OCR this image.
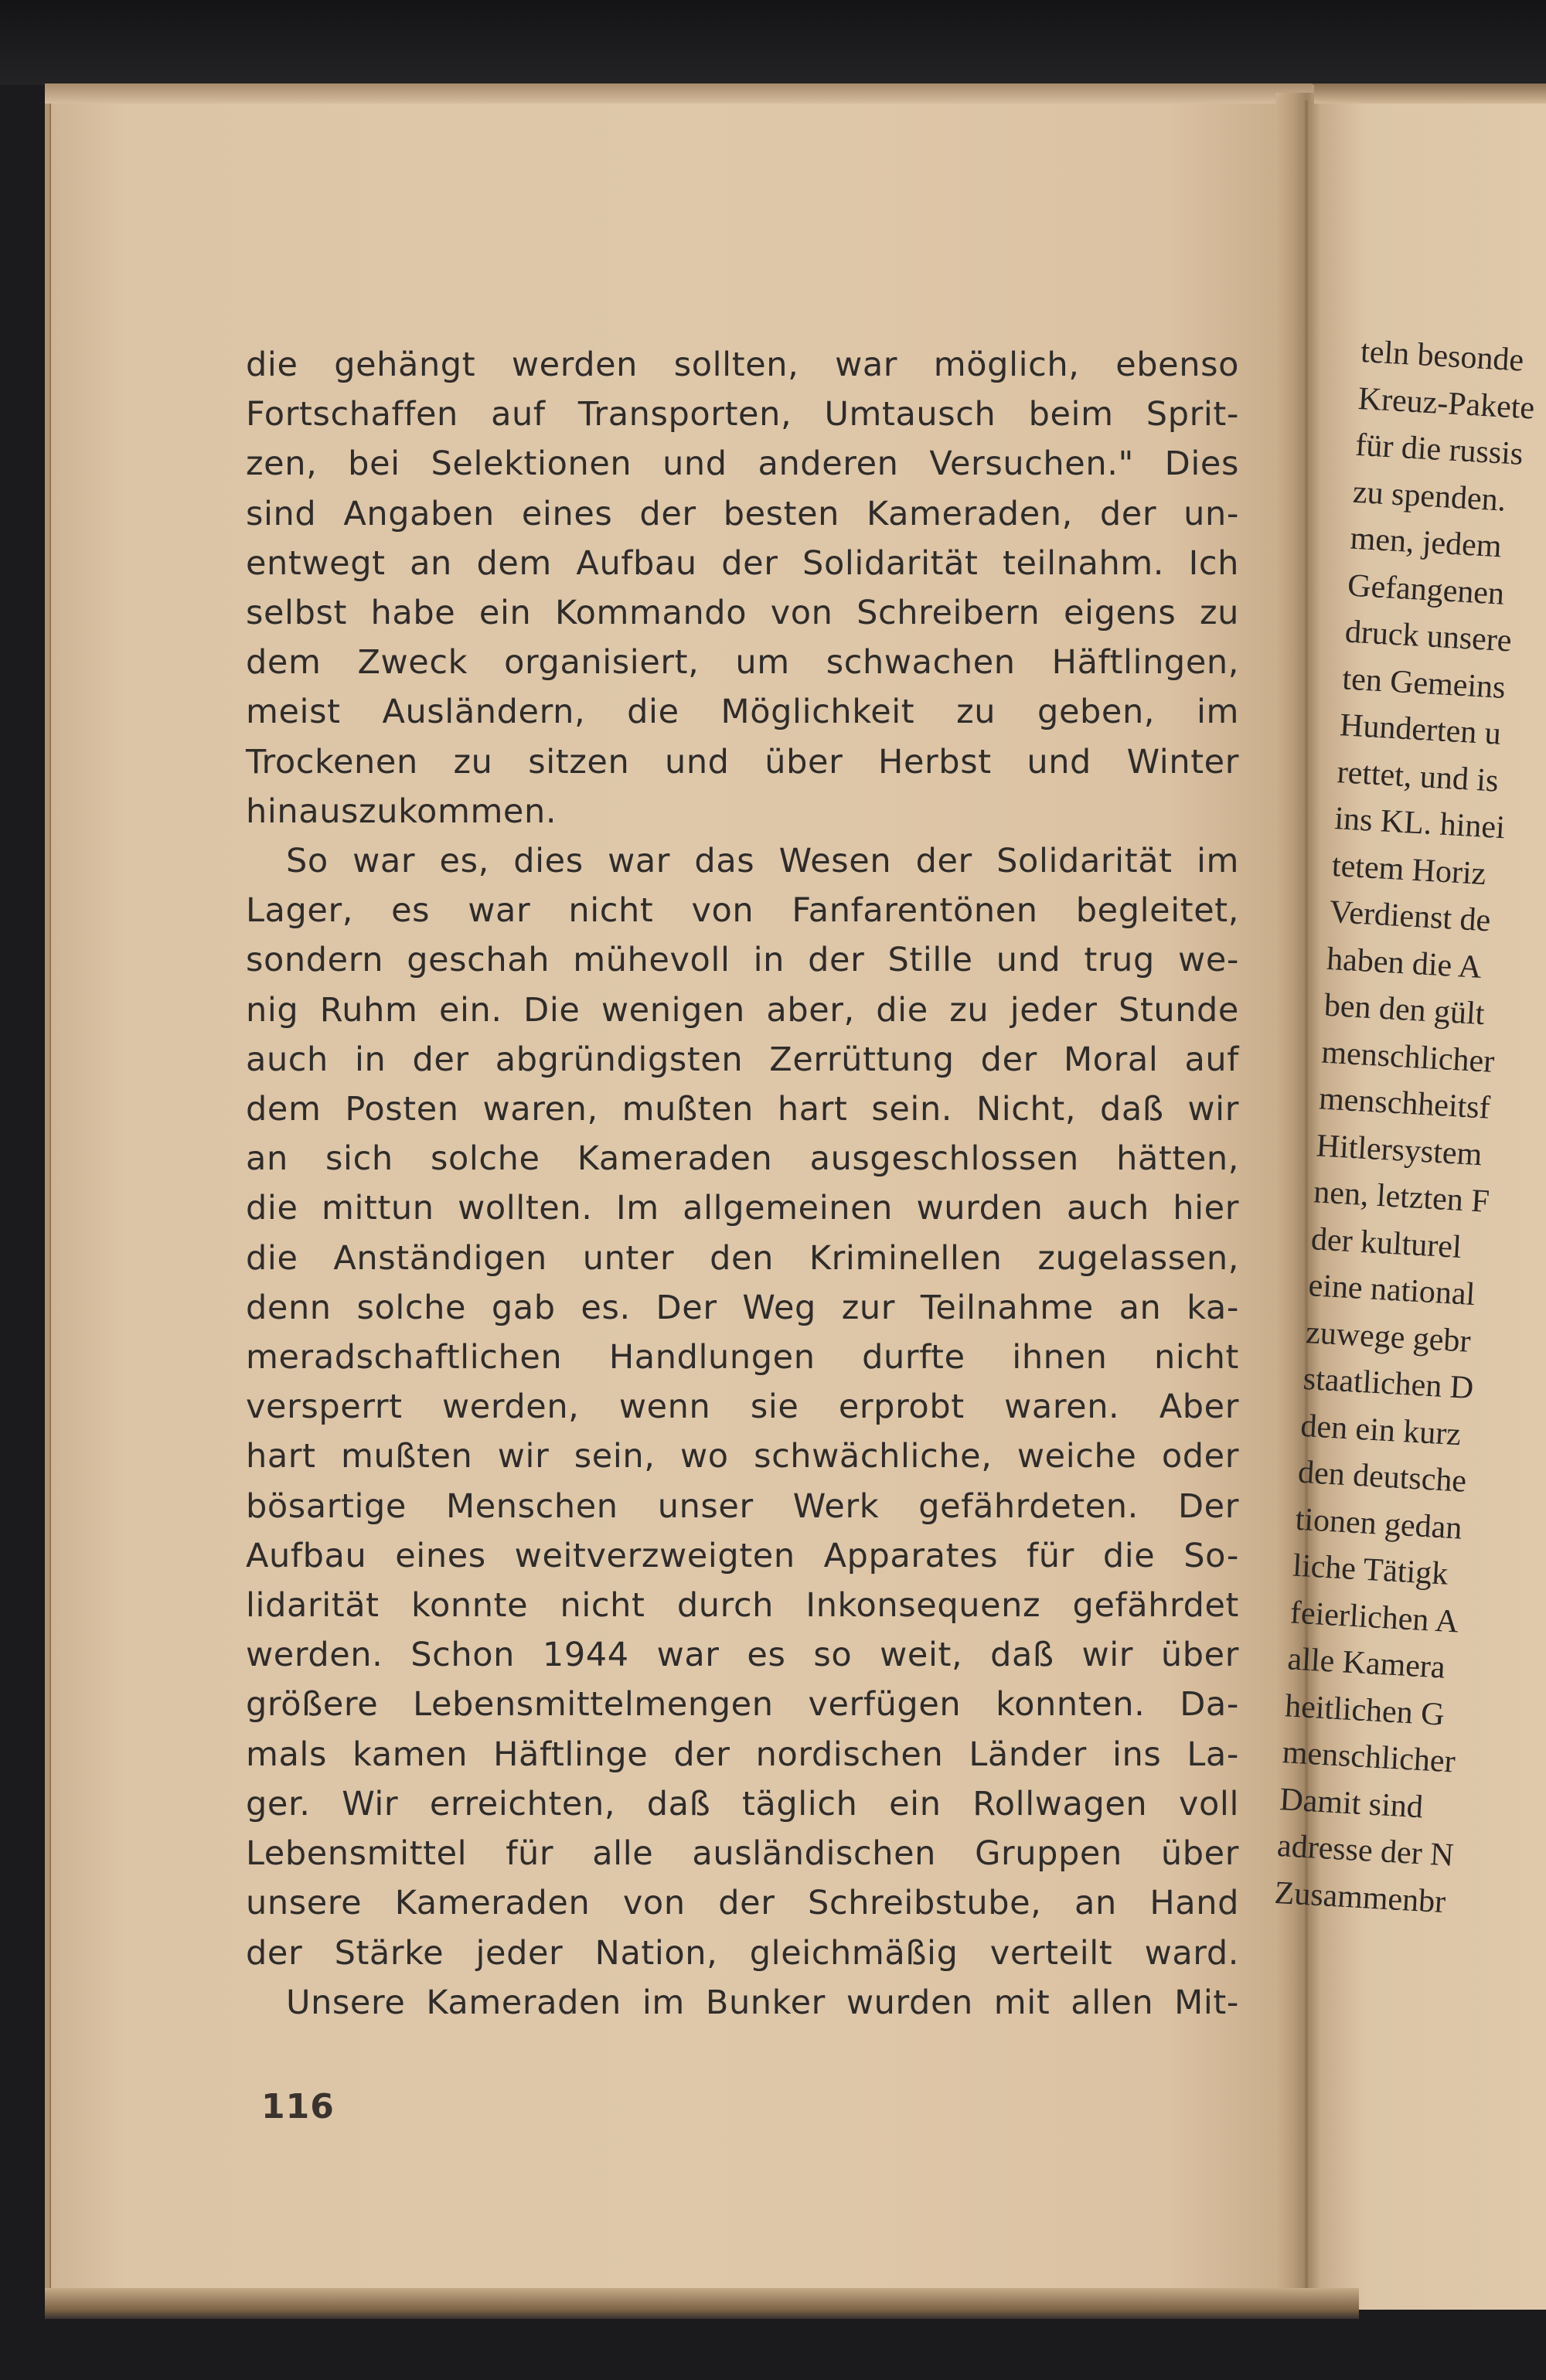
die gehängt werden sollten, war möglich, ebenso
Fortschaffen auf Transporten, Umtausch beim Sprit-
zen, bei Selektionen und anderen Versuchen." Dies
sind Angaben eines der besten Kameraden, der un-
entwegt an dem Aufbau der Solidarität teilnahm. Ich
selbst habe ein Kommando von Schreibern eigens zu
dem Zweck organisiert, um schwachen Häftlingen,
meist Ausländern, die Möglichkeit zu geben, im
Trockenen zu sitzen und über Herbst und Winter
hinauszukommen.
So war es, dies war das Wesen der Solidarität im
Lager, es war nicht von Fanfarentönen begleitet,
sondern geschah mühevoll in der Stille und trug we-
nig Ruhm ein. Die wenigen aber, die zu jeder Stunde
auch in der abgründigsten Zerrüttung der Moral auf
dem Posten waren, mußten hart sein. Nicht, daß wir
an sich solche Kameraden ausgeschlossen hätten,
die mittun wollten. Im allgemeinen wurden auch hier
die Anständigen unter den Kriminellen zugelassen,
denn solche gab es. Der Weg zur Teilnahme an ka-
meradschaftlichen Handlungen durfte ihnen nicht
versperrt werden, wenn sie erprobt waren. Aber
hart mußten wir sein, wo schwächliche, weiche oder
bösartige Menschen unser Werk gefährdeten. Der
Aufbau eines weitverzweigten Apparates für die So-
lidarität konnte nicht durch Inkonsequenz gefährdet
werden. Schon 1944 war es so weit, daß wir über
größere Lebensmittelmengen verfügen konnten. Da-
mals kamen Häftlinge der nordischen Länder ins La-
ger. Wir erreichten, daß täglich ein Rollwagen voll
Lebensmittel für alle ausländischen Gruppen über
unsere Kameraden von der Schreibstube, an Hand
der Stärke jeder Nation, gleichmäßig verteilt ward.
Unsere Kameraden im Bunker wurden mit allen Mit-
116
teln besonde
Kreuz-Pakete
für die russis
zu spenden.
men, jedem
Gefangenen
druck unsere
ten Gemeins
Hunderten u
rettet, und is
ins KL. hinei
tetem Horiz
Verdienst de
haben die A
ben den gült
menschlicher
menschheitsf
Hitlersystem
nen, letzten F
der kulturel
eine national
zuwege gebr
staatlichen D
den ein kurz
den deutsche
tionen gedan
liche Tätigk
feierlichen A
alle Kamera
heitlichen G
menschlicher
Damit sind
adresse der N
Zusammenbr
